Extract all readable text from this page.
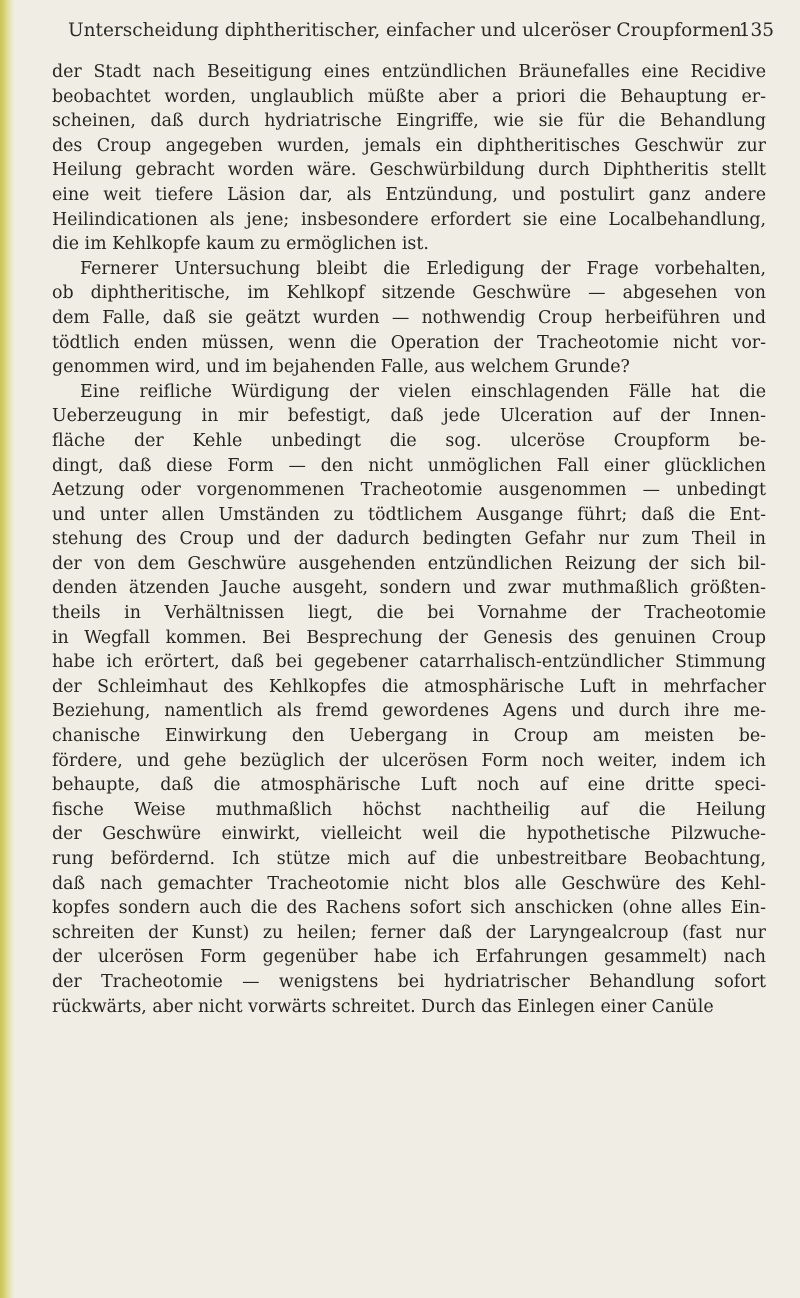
Unterscheidung diphtheritischer, einfacher und ulceröser Croupformen.
135
der Stadt nach Beseitigung eines entzündlichen Bräunefalles eine Recidive
beobachtet worden, unglaublich müßte aber a priori die Behauptung er-
scheinen, daß durch hydriatrische Eingriffe, wie sie für die Behandlung
des Croup angegeben wurden, jemals ein diphtheritisches Geschwür zur
Heilung gebracht worden wäre. Geschwürbildung durch Diphtheritis stellt
eine weit tiefere Läsion dar, als Entzündung, und postulirt ganz andere
Heilindicationen als jene; insbesondere erfordert sie eine Localbehandlung,
die im Kehlkopfe kaum zu ermöglichen ist.
Fernerer Untersuchung bleibt die Erledigung der Frage vorbehalten,
ob diphtheritische, im Kehlkopf sitzende Geschwüre — abgesehen von
dem Falle, daß sie geätzt wurden — nothwendig Croup herbeiführen und
tödtlich enden müssen, wenn die Operation der Tracheotomie nicht vor-
genommen wird, und im bejahenden Falle, aus welchem Grunde?
Eine reifliche Würdigung der vielen einschlagenden Fälle hat die
Ueberzeugung in mir befestigt, daß jede Ulceration auf der Innen-
fläche der Kehle unbedingt die sog. ulceröse Croupform be-
dingt, daß diese Form — den nicht unmöglichen Fall einer glücklichen
Aetzung oder vorgenommenen Tracheotomie ausgenommen — unbedingt
und unter allen Umständen zu tödtlichem Ausgange führt; daß die Ent-
stehung des Croup und der dadurch bedingten Gefahr nur zum Theil in
der von dem Geschwüre ausgehenden entzündlichen Reizung der sich bil-
denden ätzenden Jauche ausgeht, sondern und zwar muthmaßlich größten-
theils in Verhältnissen liegt, die bei Vornahme der Tracheotomie
in Wegfall kommen. Bei Besprechung der Genesis des genuinen Croup
habe ich erörtert, daß bei gegebener catarrhalisch-entzündlicher Stimmung
der Schleimhaut des Kehlkopfes die atmosphärische Luft in mehrfacher
Beziehung, namentlich als fremd gewordenes Agens und durch ihre me-
chanische Einwirkung den Uebergang in Croup am meisten be-
fördere, und gehe bezüglich der ulcerösen Form noch weiter, indem ich
behaupte, daß die atmosphärische Luft noch auf eine dritte speci-
fische Weise muthmaßlich höchst nachtheilig auf die Heilung
der Geschwüre einwirkt, vielleicht weil die hypothetische Pilzwuche-
rung befördernd. Ich stütze mich auf die unbestreitbare Beobachtung,
daß nach gemachter Tracheotomie nicht blos alle Geschwüre des Kehl-
kopfes sondern auch die des Rachens sofort sich anschicken (ohne alles Ein-
schreiten der Kunst) zu heilen; ferner daß der Laryngealcroup (fast nur
der ulcerösen Form gegenüber habe ich Erfahrungen gesammelt) nach
der Tracheotomie — wenigstens bei hydriatrischer Behandlung sofort
rückwärts, aber nicht vorwärts schreitet. Durch das Einlegen einer Canüle
